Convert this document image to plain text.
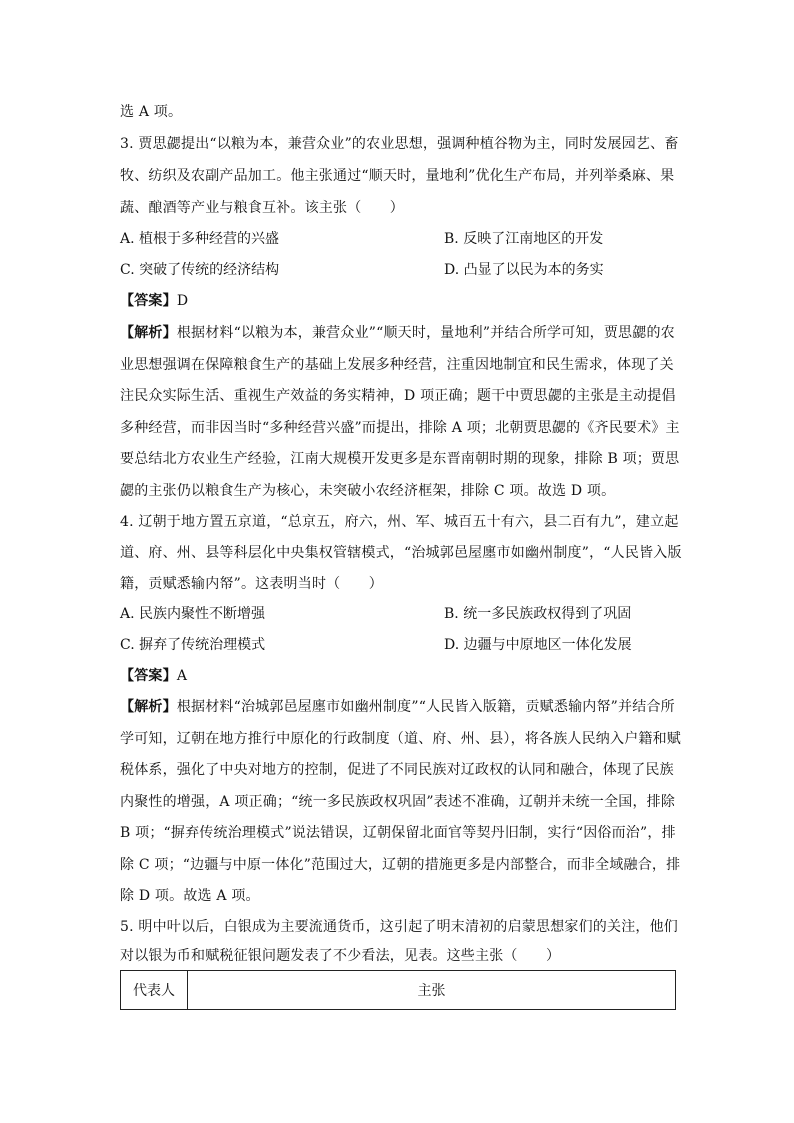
选 A 项。
3. 贾思勰提出“以粮为本，兼营众业”的农业思想，强调种植谷物为主，同时发展园艺、畜
牧、纺织及农副产品加工。他主张通过“顺天时，量地利”优化生产布局，并列举桑麻、果
蔬、酿酒等产业与粮食互补。该主张（　　）
A. 植根于多种经营的兴盛	B. 反映了江南地区的开发
C. 突破了传统的经济结构	D. 凸显了以民为本的务实
【答案】D
【解析】根据材料“以粮为本，兼营众业”“顺天时，量地利”并结合所学可知，贾思勰的农
业思想强调在保障粮食生产的基础上发展多种经营，注重因地制宜和民生需求，体现了关
注民众实际生活、重视生产效益的务实精神，D 项正确；题干中贾思勰的主张是主动提倡
多种经营，而非因当时“多种经营兴盛”而提出，排除 A 项；北朝贾思勰的《齐民要术》主
要总结北方农业生产经验，江南大规模开发更多是东晋南朝时期的现象，排除 B 项；贾思
勰的主张仍以粮食生产为核心，未突破小农经济框架，排除 C 项。故选 D 项。
4. 辽朝于地方置五京道，“总京五，府六，州、军、城百五十有六，县二百有九”，建立起
道、府、州、县等科层化中央集权管辖模式，“治城郭邑屋廛市如幽州制度”，“人民皆入版
籍，贡赋悉输内帑”。这表明当时（　　）
A. 民族内聚性不断增强	B. 统一多民族政权得到了巩固
C. 摒弃了传统治理模式	D. 边疆与中原地区一体化发展
【答案】A
【解析】根据材料“治城郭邑屋廛市如幽州制度”“人民皆入版籍，贡赋悉输内帑”并结合所
学可知，辽朝在地方推行中原化的行政制度（道、府、州、县），将各族人民纳入户籍和赋
税体系，强化了中央对地方的控制，促进了不同民族对辽政权的认同和融合，体现了民族
内聚性的增强，A 项正确；“统一多民族政权巩固”表述不准确，辽朝并未统一全国，排除
B 项；“摒弃传统治理模式”说法错误，辽朝保留北面官等契丹旧制，实行“因俗而治”，排
除 C 项；“边疆与中原一体化”范围过大，辽朝的措施更多是内部整合，而非全域融合，排
除 D 项。故选 A 项。
5. 明中叶以后，白银成为主要流通货币，这引起了明末清初的启蒙思想家们的关注，他们
对以银为币和赋税征银问题发表了不少看法，见表。这些主张（　　）
代表人	主张
